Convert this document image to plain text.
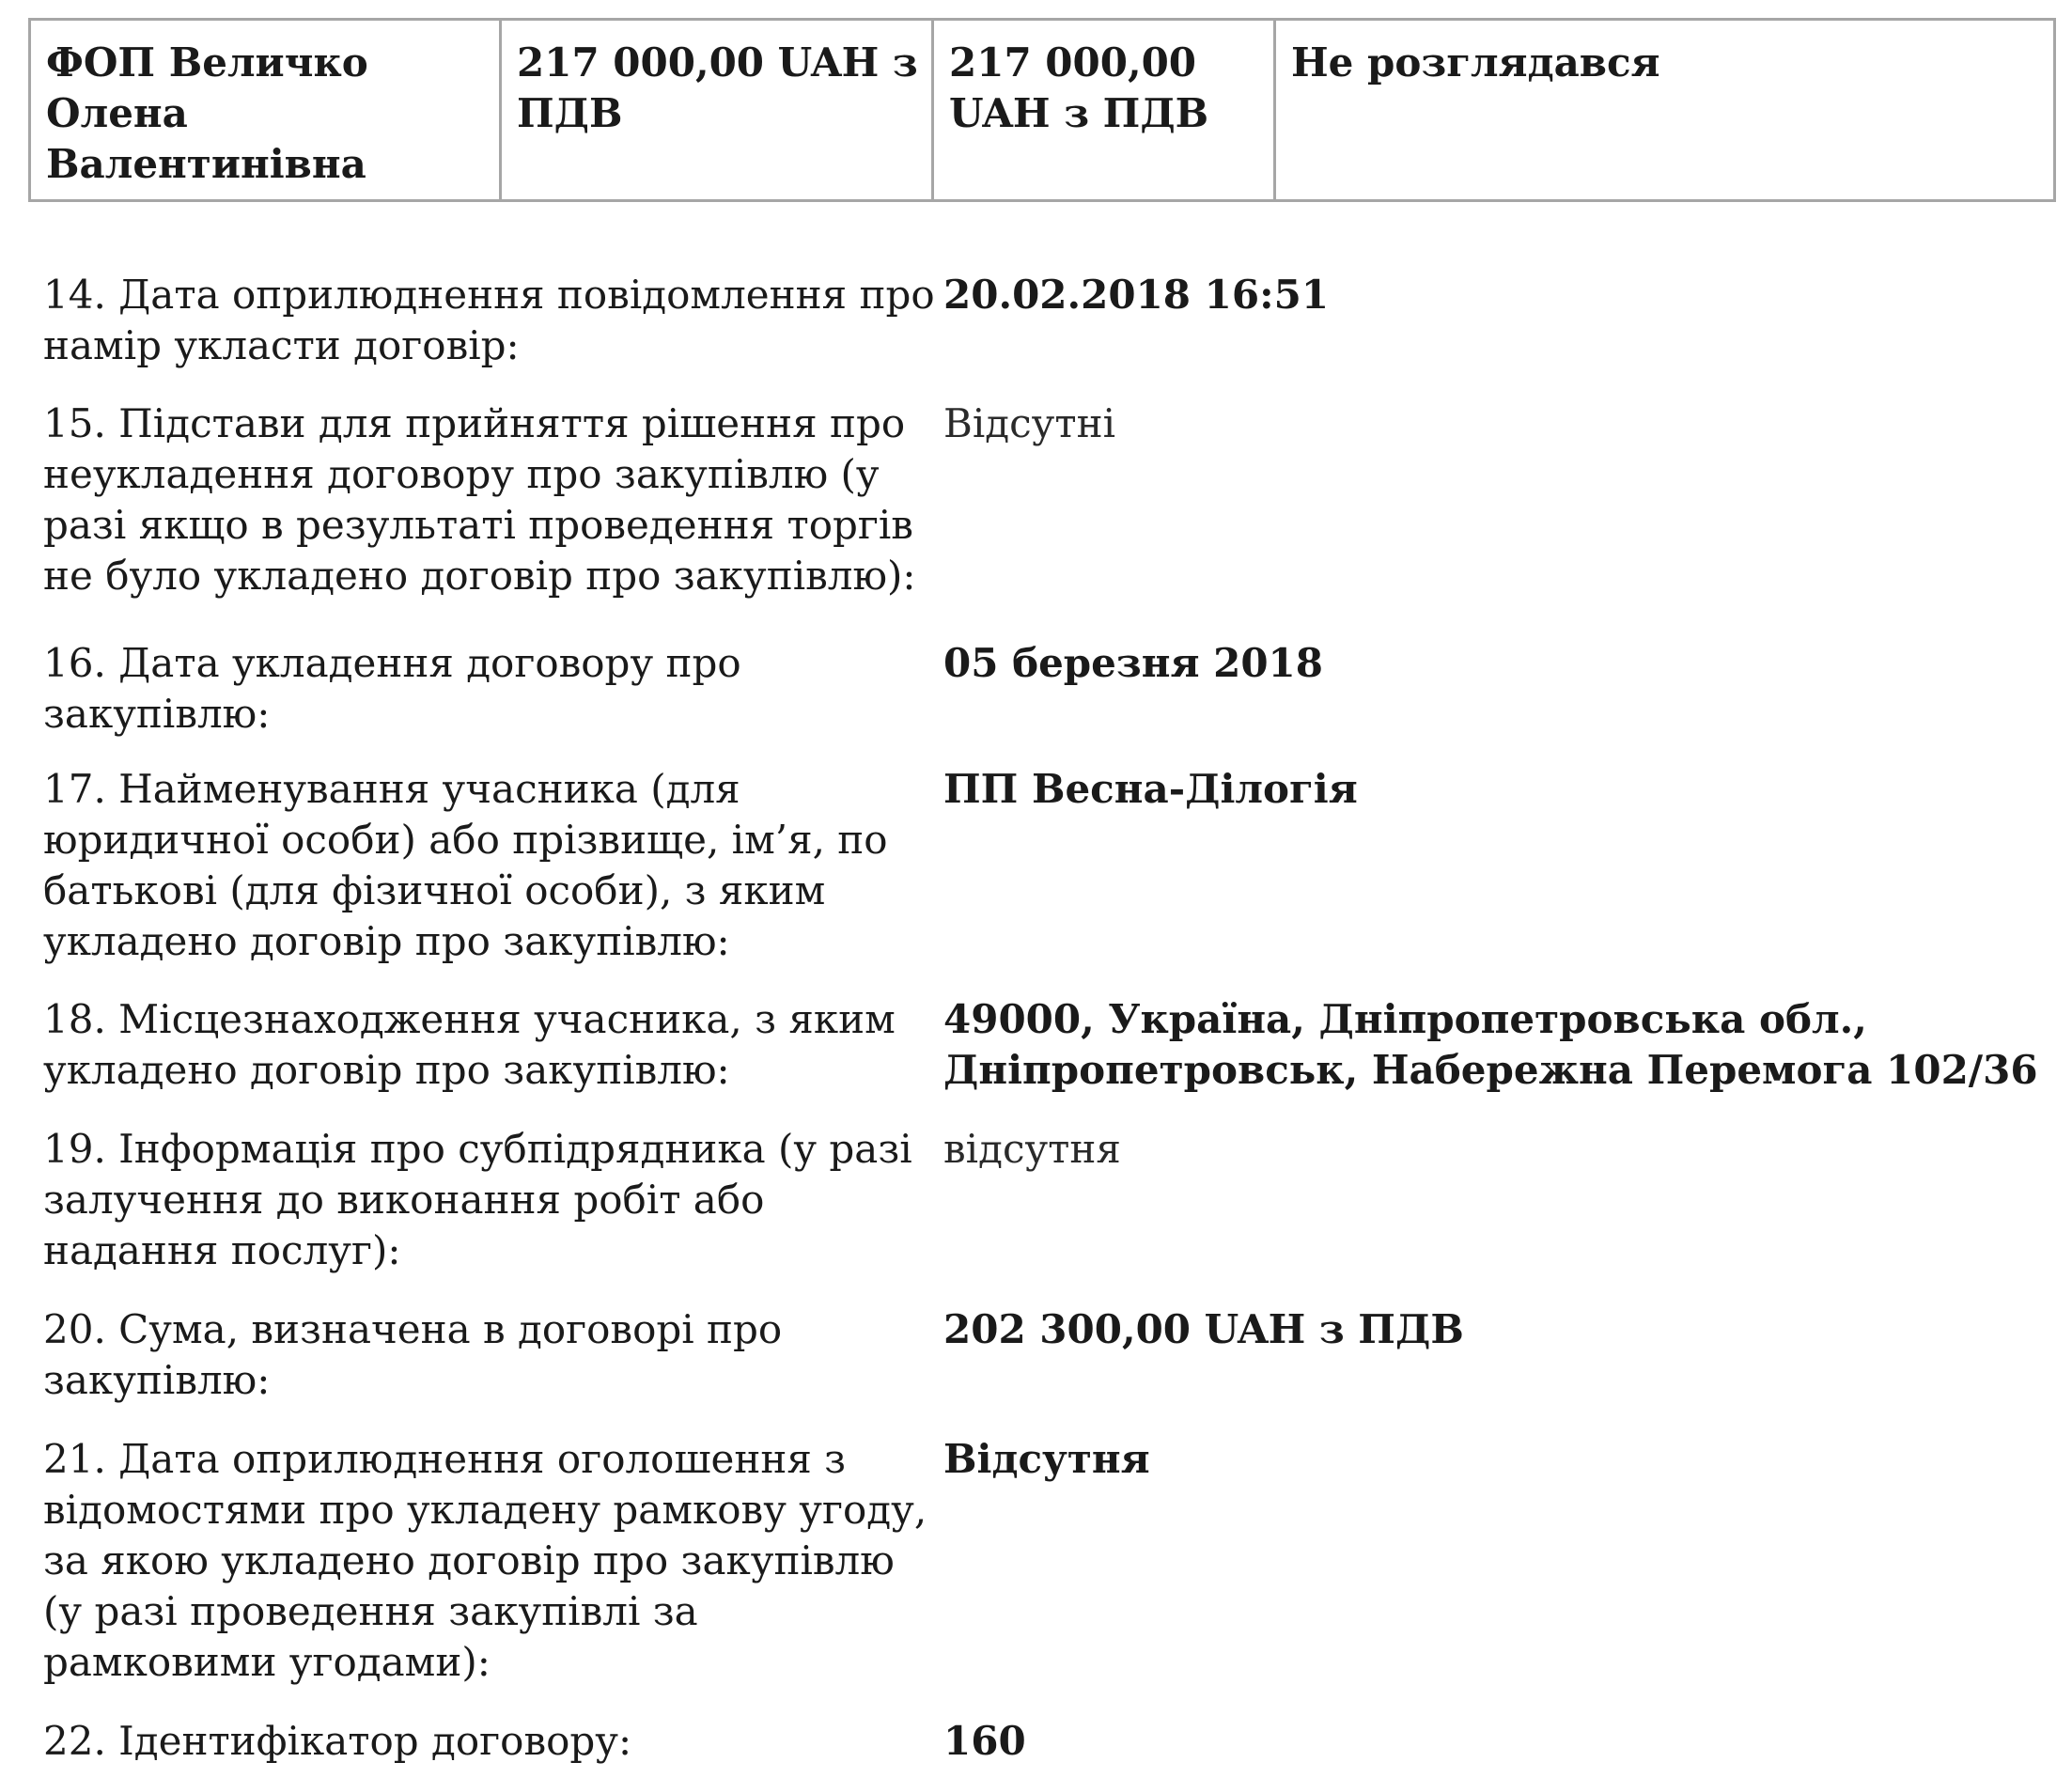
ФОП Величко Олена Валентинівна	217 000,00 UAH з ПДВ	217 000,00 UAH з ПДВ	Не розглядався
14. Дата оприлюднення повідомлення про намір укласти договір:
20.02.2018 16:51
15. Підстави для прийняття рішення про неукладення договору про закупівлю (у разі якщо в результаті проведення торгів не було укладено договір про закупівлю):
Відсутні
16. Дата укладення договору про закупівлю:
05 березня 2018
17. Найменування учасника (для юридичної особи) або прізвище, ім’я, по батькові (для фізичної особи), з яким укладено договір про закупівлю:
ПП Весна-Ділогія
18. Місцезнаходження учасника, з яким укладено договір про закупівлю:
49000, Україна, Дніпропетровська обл., Дніпропетровськ, Набережна Перемога 102/36
19. Інформація про субпідрядника (у разі залучення до виконання робіт або надання послуг):
відсутня
20. Сума, визначена в договорі про закупівлю:
202 300,00 UAH з ПДВ
21. Дата оприлюднення оголошення з відомостями про укладену рамкову угоду, за якою укладено договір про закупівлю (у разі проведення закупівлі за рамковими угодами):
Відсутня
22. Ідентифікатор договору:	160
